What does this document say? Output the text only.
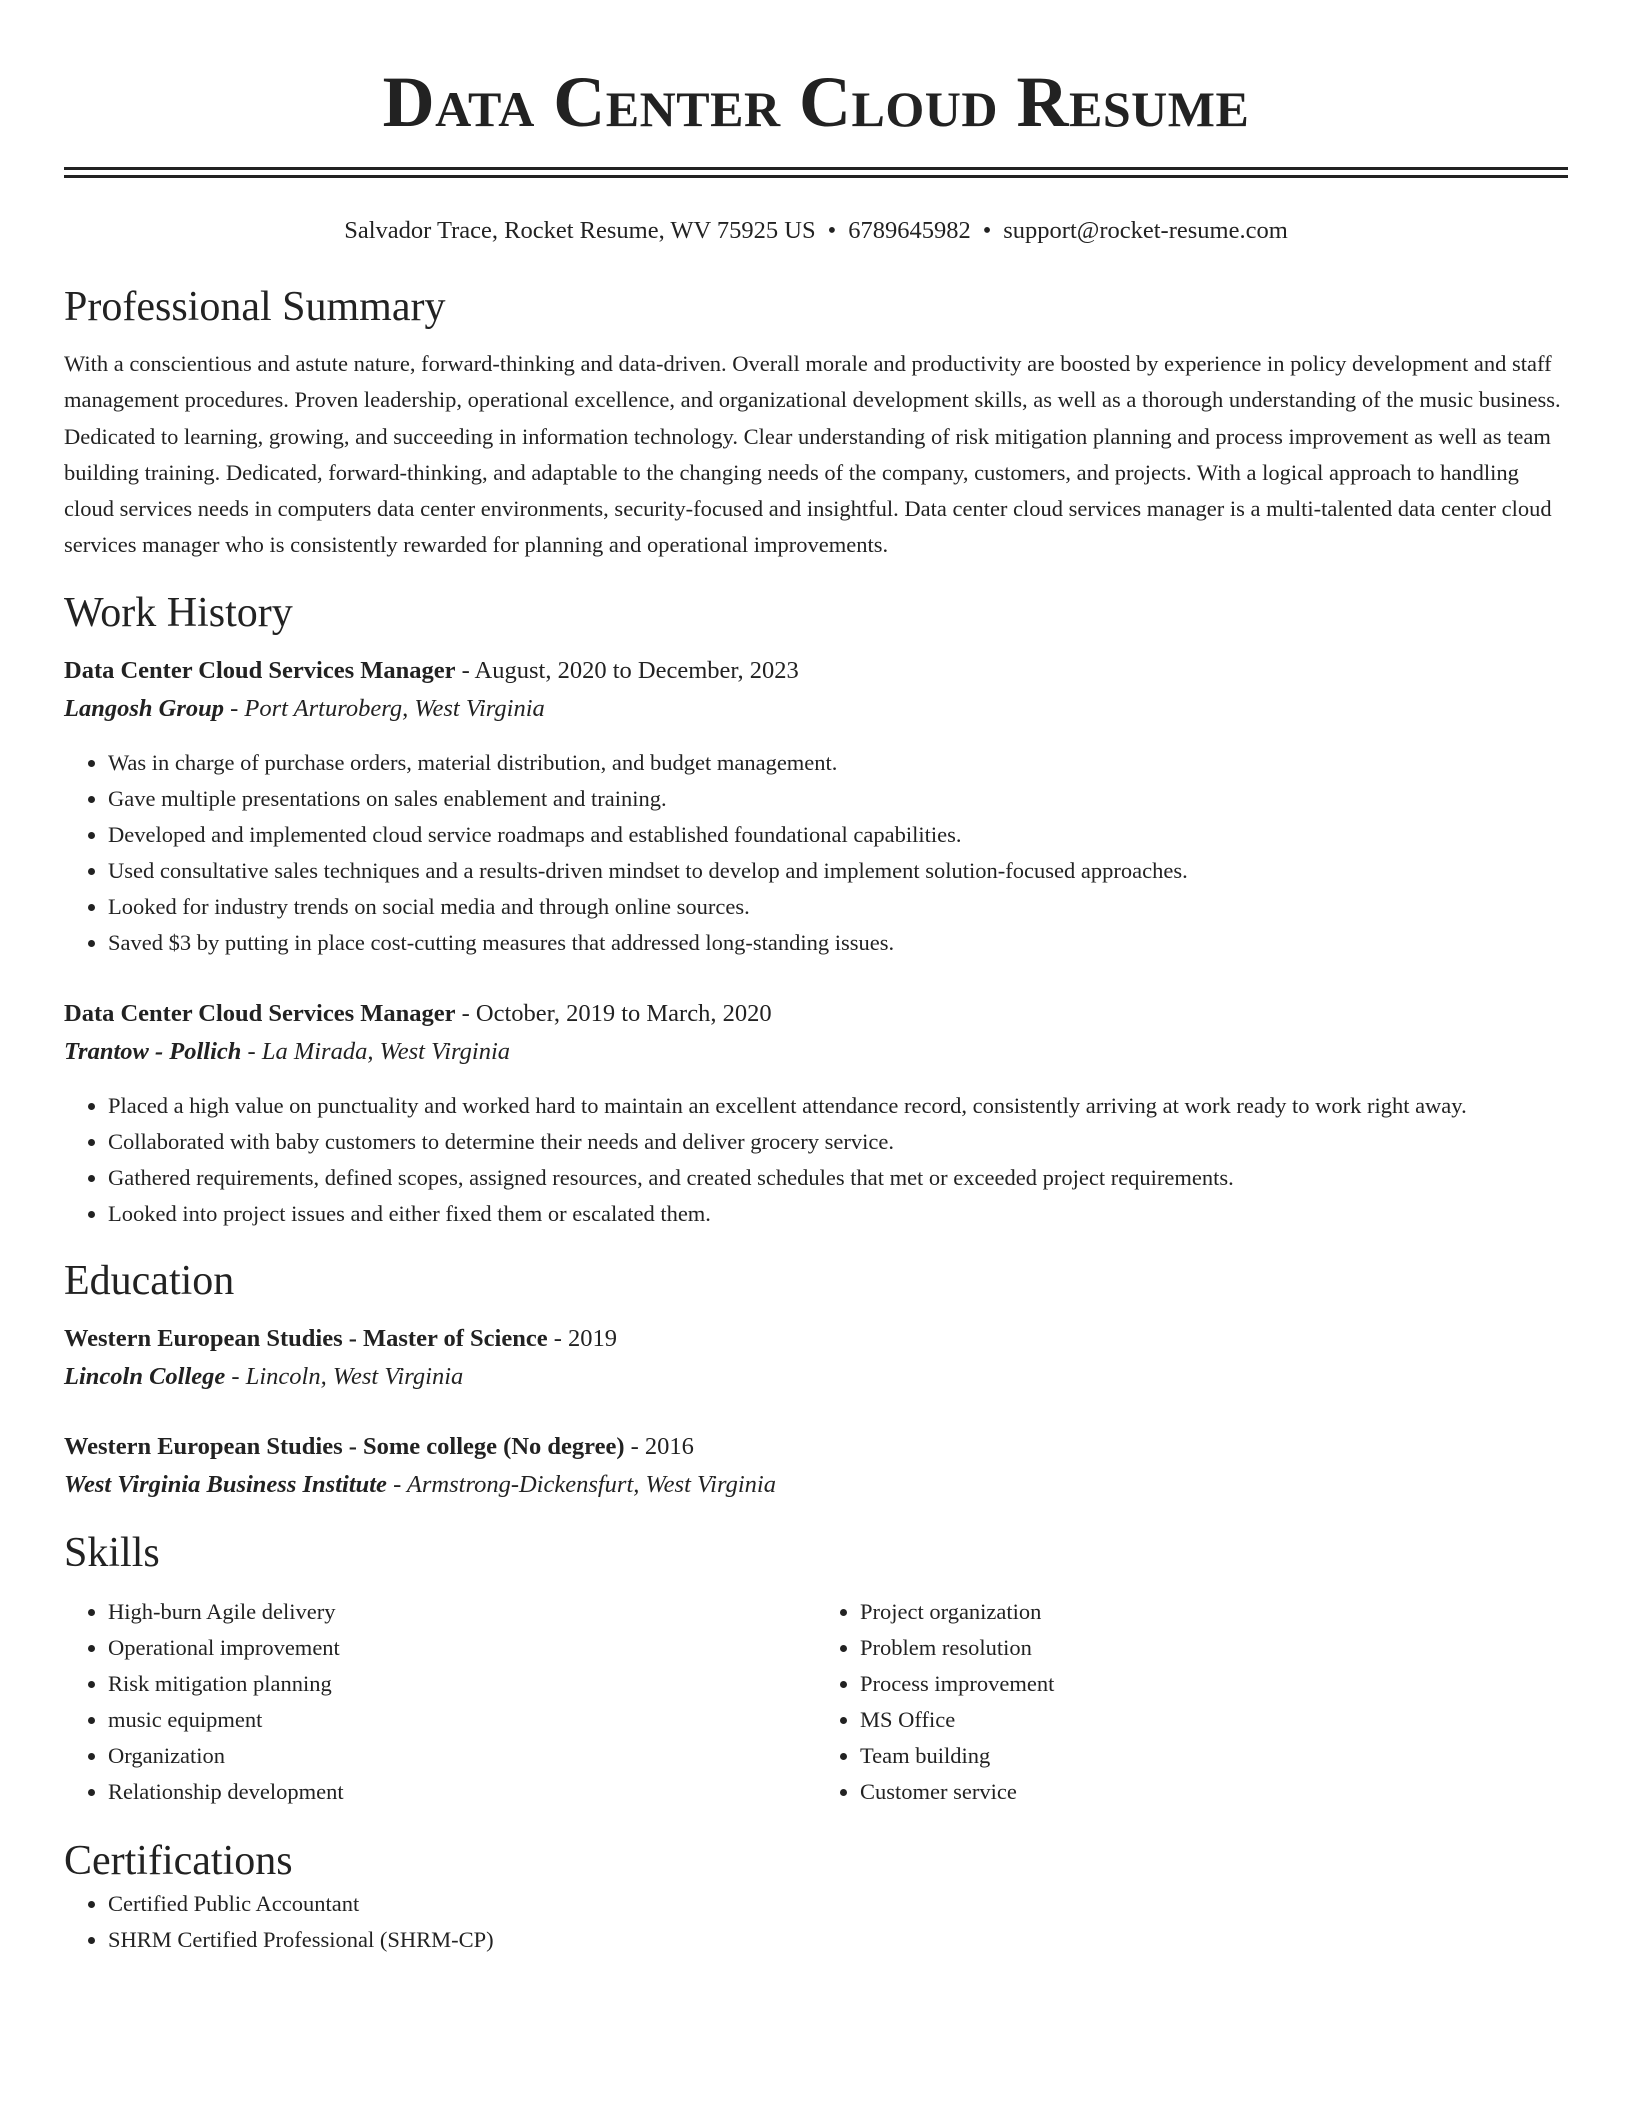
Data Center Cloud Resume
Salvador Trace, Rocket Resume, WV 75925 US • 6789645982 • support@rocket-resume.com
Professional Summary

With a conscientious and astute nature, forward-thinking and data-driven. Overall morale and productivity are boosted by experience in policy development and staff management procedures. Proven leadership, operational excellence, and organizational development skills, as well as a thorough understanding of the music business. Dedicated to learning, growing, and succeeding in information technology. Clear understanding of risk mitigation planning and process improvement as well as team building training. Dedicated, forward-thinking, and adaptable to the changing needs of the company, customers, and projects. With a logical approach to handling cloud services needs in computers data center environments, security-focused and insightful. Data center cloud services manager is a multi-talented data center cloud services manager who is consistently rewarded for planning and operational improvements.

Work History
Data Center Cloud Services Manager - August, 2020 to December, 2023
Langosh Group - Port Arturoberg, West Virginia
• Was in charge of purchase orders, material distribution, and budget management.
• Gave multiple presentations on sales enablement and training.
• Developed and implemented cloud service roadmaps and established foundational capabilities.
• Used consultative sales techniques and a results-driven mindset to develop and implement solution-focused approaches.
• Looked for industry trends on social media and through online sources.
• Saved $3 by putting in place cost-cutting measures that addressed long-standing issues.
Data Center Cloud Services Manager - October, 2019 to March, 2020
Trantow - Pollich - La Mirada, West Virginia
• Placed a high value on punctuality and worked hard to maintain an excellent attendance record, consistently arriving at work ready to work right away.
• Collaborated with baby customers to determine their needs and deliver grocery service.
• Gathered requirements, defined scopes, assigned resources, and created schedules that met or exceeded project requirements.
• Looked into project issues and either fixed them or escalated them.
Education
Western European Studies - Master of Science - 2019
Lincoln College - Lincoln, West Virginia
Western European Studies - Some college (No degree) - 2016
West Virginia Business Institute - Armstrong-Dickensfurt, West Virginia
Skills
• High-burn Agile delivery
• Operational improvement
• Risk mitigation planning
• music equipment
• Organization
• Relationship development
• Project organization
• Problem resolution
• Process improvement
• MS Office
• Team building
• Customer service
Certifications
• Certified Public Accountant
• SHRM Certified Professional (SHRM-CP)
